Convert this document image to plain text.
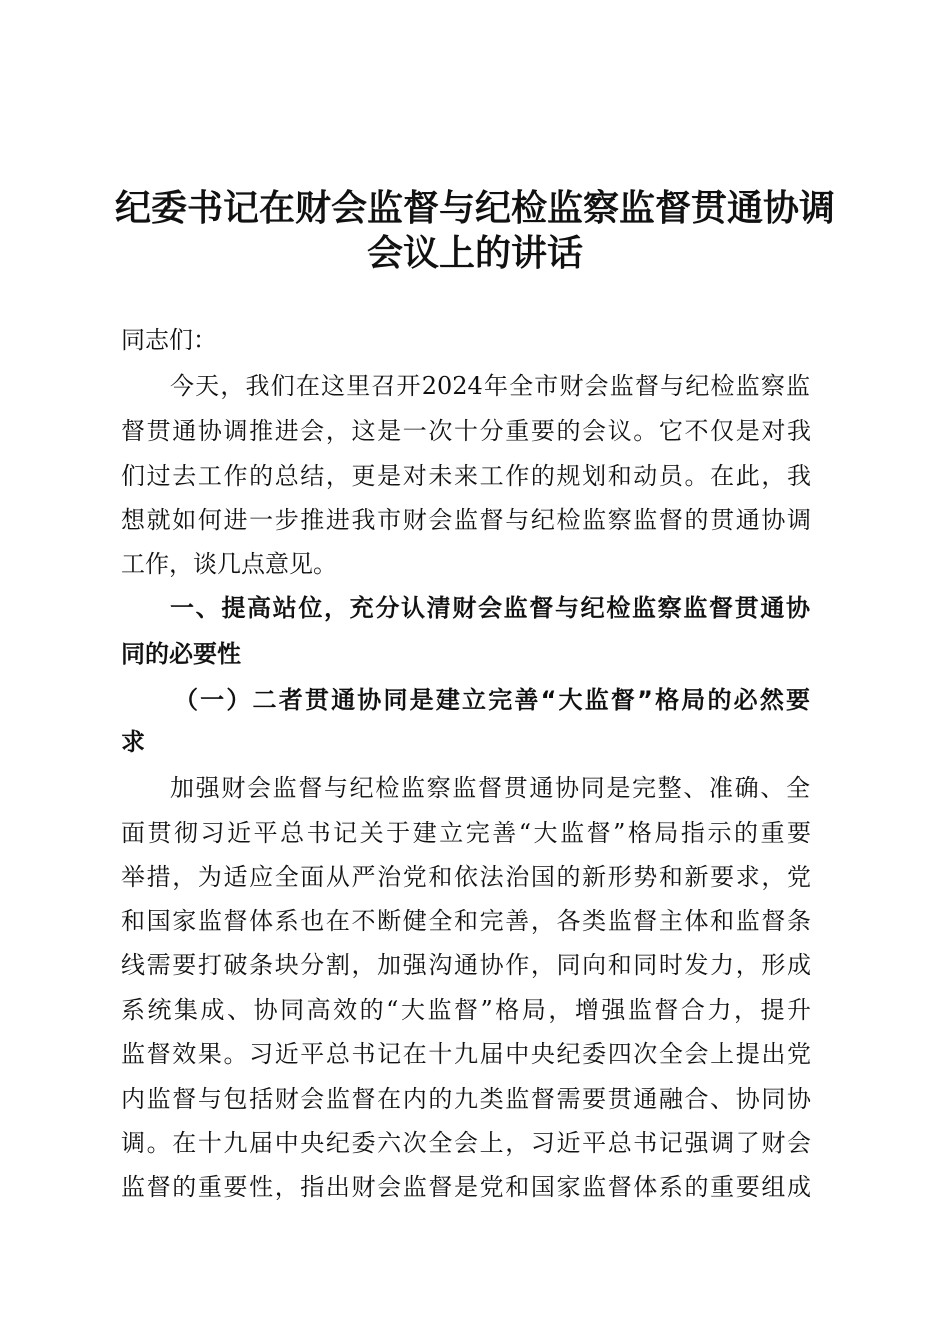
纪委书记在财会监督与纪检监察监督贯通协调
会议上的讲话
同志们：
今天，我们在这里召开2024年全市财会监督与纪检监察监
督贯通协调推进会，这是一次十分重要的会议。它不仅是对我
们过去工作的总结，更是对未来工作的规划和动员。在此，我
想就如何进一步推进我市财会监督与纪检监察监督的贯通协调
工作，谈几点意见。
一、提高站位，充分认清财会监督与纪检监察监督贯通协
同的必要性
（一）二者贯通协同是建立完善“大监督”格局的必然要
求
加强财会监督与纪检监察监督贯通协同是完整、准确、全
面贯彻习近平总书记关于建立完善“大监督”格局指示的重要
举措，为适应全面从严治党和依法治国的新形势和新要求，党
和国家监督体系也在不断健全和完善，各类监督主体和监督条
线需要打破条块分割，加强沟通协作，同向和同时发力，形成
系统集成、协同高效的“大监督”格局，增强监督合力，提升
监督效果。习近平总书记在十九届中央纪委四次全会上提出党
内监督与包括财会监督在内的九类监督需要贯通融合、协同协
调。在十九届中央纪委六次全会上，习近平总书记强调了财会
监督的重要性，指出财会监督是党和国家监督体系的重要组成
